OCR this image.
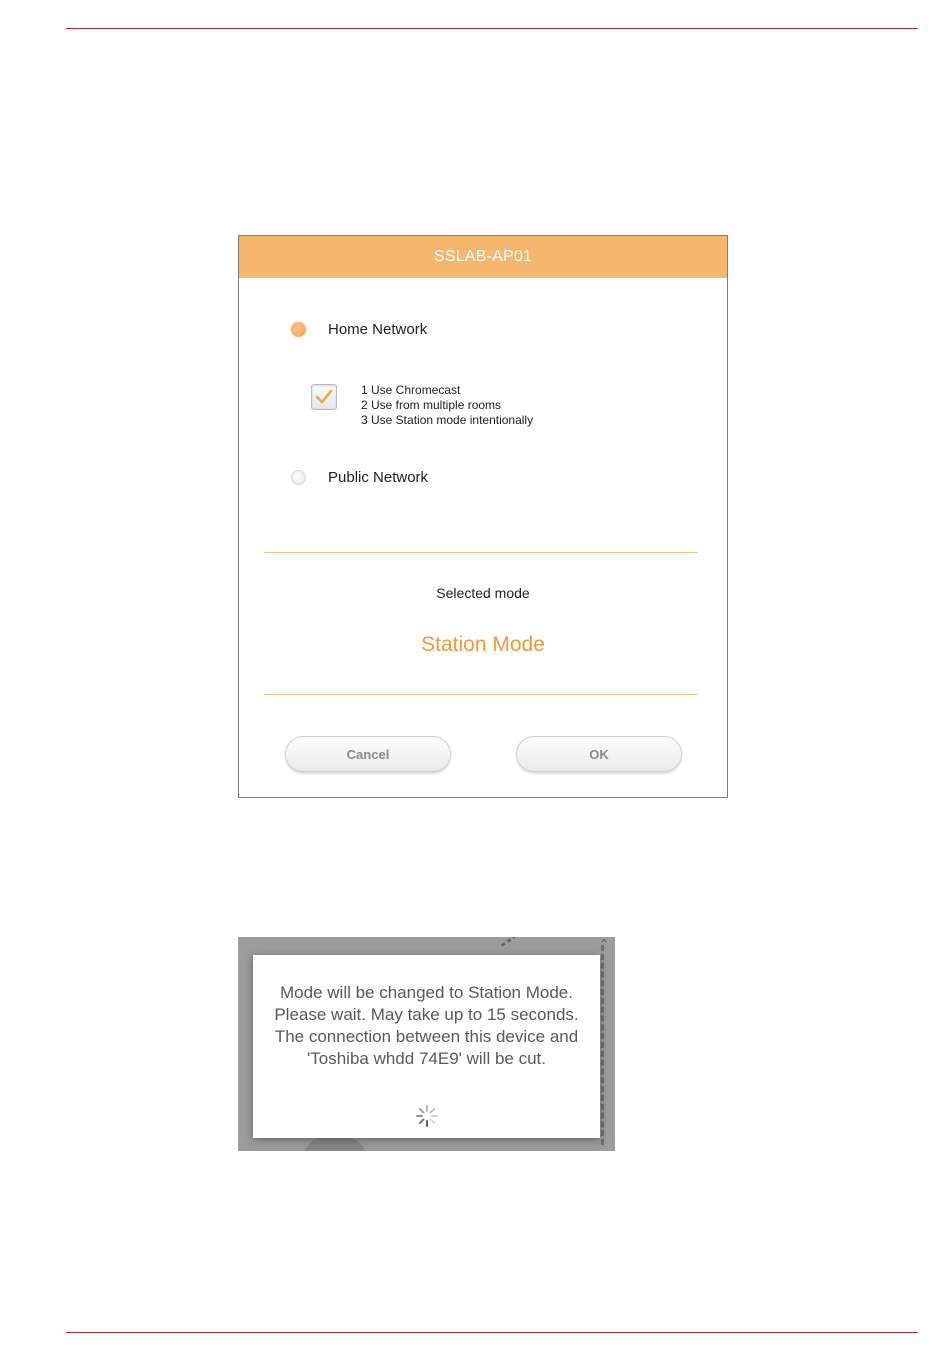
SSLAB-AP01
Home Network
1 Use Chromecast
2 Use from multiple rooms
3 Use Station mode intentionally
Public Network
Selected mode
Station Mode
Cancel	OK
⌃
Mode will be changed to Station Mode. Please wait. May take up to 15 seconds. The connection between this device and 'Toshiba whdd 74E9' will be cut.
